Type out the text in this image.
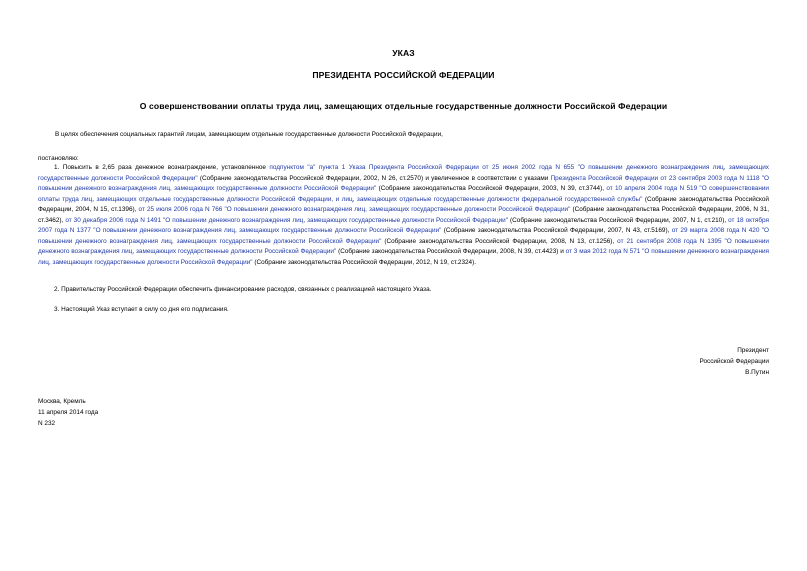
УКАЗ
ПРЕЗИДЕНТА РОССИЙСКОЙ ФЕДЕРАЦИИ
О совершенствовании оплаты труда лиц, замещающих отдельные государственные должности Российской Федерации
В целях обеспечения социальных гарантий лицам, замещающим отдельные государственные должности Российской Федерации,
постановляю:
1. Повысить в 2,65 раза денежное вознаграждение, установленное подпунктом "а" пункта 1 Указа Президента Российской Федерации от 25 июня 2002 года N 655 "О повышении денежного вознаграждения лиц, замещающих государственные должности Российской Федерации" (Собрание законодательства Российской Федерации, 2002, N 26, ст.2570) и увеличенное в соответствии с указами Президента Российской Федерации от 23 сентября 2003 года N 1118 "О повышении денежного вознаграждения лиц, замещающих государственные должности Российской Федерации" (Собрание законодательства Российской Федерации, 2003, N 39, ст.3744), от 10 апреля 2004 года N 519 "О совершенствовании оплаты труда лиц, замещающих отдельные государственные должности Российской Федерации, и лиц, замещающих отдельные государственные должности федеральной государственной службы" (Собрание законодательства Российской Федерации, 2004, N 15, ст.1396), от 25 июля 2006 года N 766 "О повышении денежного вознаграждения лиц, замещающих государственные должности Российской Федерации" (Собрание законодательства Российской Федерации, 2006, N 31, ст.3462), от 30 декабря 2006 года N 1491 "О повышении денежного вознаграждения лиц, замещающих государственные должности Российской Федерации" (Собрание законодательства Российской Федерации, 2007, N 1, ст.210), от 18 октября 2007 года N 1377 "О повышении денежного вознаграждения лиц, замещающих государственные должности Российской Федерации" (Собрание законодательства Российской Федерации, 2007, N 43, ст.5169), от 29 марта 2008 года N 420 "О повышении денежного вознаграждения лиц, замещающих государственные должности Российской Федерации" (Собрание законодательства Российской Федерации, 2008, N 13, ст.1256), от 21 сентября 2008 года N 1395 "О повышении денежного вознаграждения лиц, замещающих государственные должности Российской Федерации" (Собрание законодательства Российской Федерации, 2008, N 39, ст.4423) и от 3 мая 2012 года N 571 "О повышении денежного вознаграждения лиц, замещающих государственные должности Российской Федерации" (Собрание законодательства Российской Федерации, 2012, N 19, ст.2324).
2. Правительству Российской Федерации обеспечить финансирование расходов, связанных с реализацией настоящего Указа.
3. Настоящий Указ вступает в силу со дня его подписания.
Президент
Российской Федерации
В.Путин
Москва, Кремль
11 апреля 2014 года
N 232
